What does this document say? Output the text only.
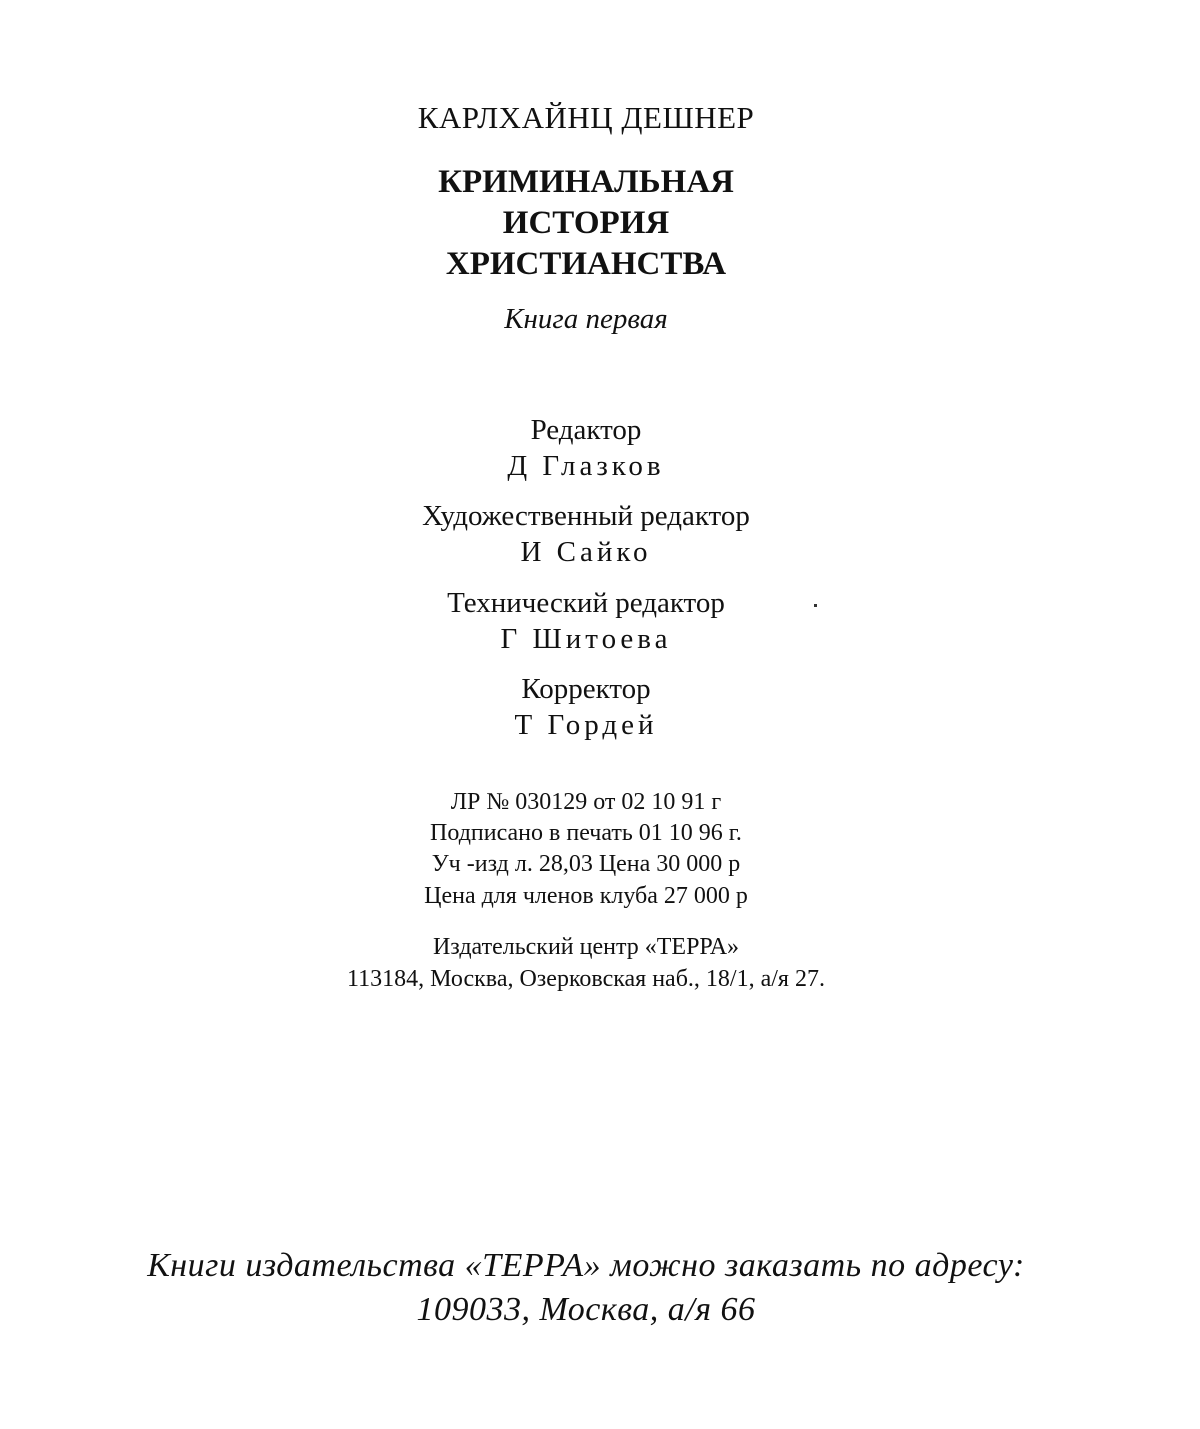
КАРЛХАЙНЦ ДЕШНЕР
КРИМИНАЛЬНАЯ
ИСТОРИЯ
ХРИСТИАНСТВА
Книга первая
Редактор
Д Глазков
Художественный редактор
И Сайко
Технический редактор
Г Шитоева
Корректор
Т Гордей
ЛР № 030129 от 02 10 91 г
Подписано в печать 01 10 96 г.
Уч -изд л. 28,03 Цена 30 000 р
Цена для членов клуба 27 000 р
Издательский центр «ТЕРРА»
113184, Москва, Озерковская наб., 18/1, а/я 27.
Книги издательства «ТЕРРА» можно заказать по адресу:
109033, Москва, а/я 66
